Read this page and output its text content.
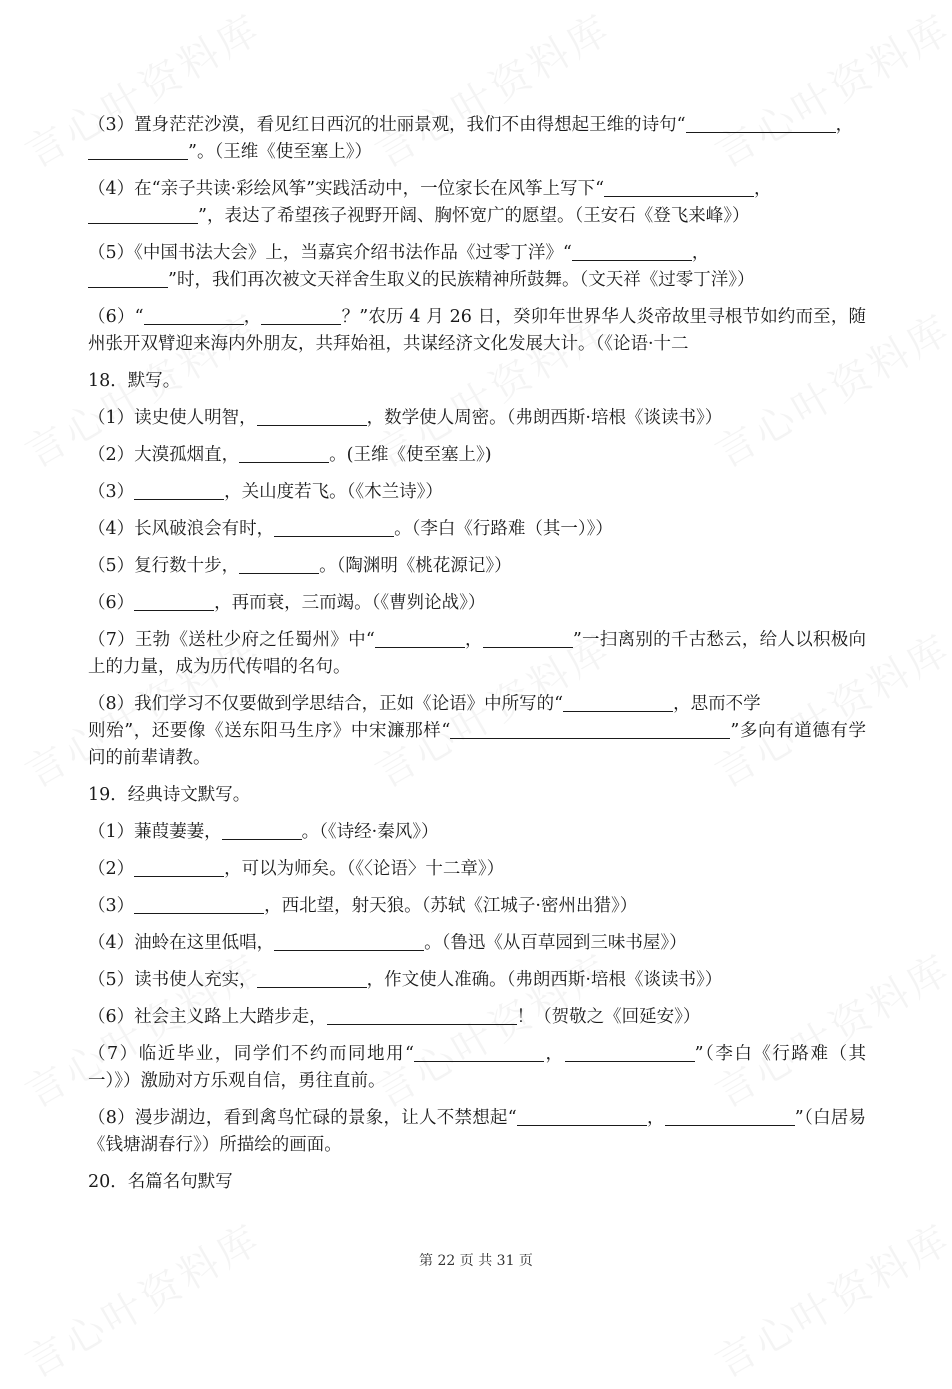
（3）置身茫茫沙漠，看见红日西沉的壮丽景观，我们不由得想起王维的诗句“	，
”。（王维《使至塞上》）

（4）在“亲子共读·彩绘风筝”实践活动中，一位家长在风筝上写下“	，
”，表达了希望孩子视野开阔、胸怀宽广的愿望。（王安石《登飞来峰》）

（5）《中国书法大会》上，当嘉宾介绍书法作品《过零丁洋》“	，
”时，我们再次被文天祥舍生取义的民族精神所鼓舞。（文天祥《过零丁洋》）

（6）“	，	？”农历 4 月 26 日，癸卯年世界华人炎帝故里寻根节如约而至，随州张开双臂迎来海内外朋友，共拜始祖，共谋经济文化发展大计。（《论语·十二

18．默写。

（1）读史使人明智，	，数学使人周密。（弗朗西斯·培根《谈读书》）

（2）大漠孤烟直，	。(王维《使至塞上》)

（3）	，关山度若飞。（《木兰诗》）

（4）长风破浪会有时，	。（李白《行路难（其一）》）

（5）复行数十步，	。（陶渊明《桃花源记》）

（6）	，再而衰，三而竭。（《曹刿论战》）

（7）王勃《送杜少府之任蜀州》中“	，	”一扫离别的千古愁云，给人以积极向上的力量，成为历代传唱的名句。

（8）我们学习不仅要做到学思结合，正如《论语》中所写的“	，思而不学
则殆”，还要像《送东阳马生序》中宋濂那样“	”多向有道德有学问的前辈请教。

19．经典诗文默写。

（1）蒹葭萋萋，	。（《诗经·秦风》）

（2）	，可以为师矣。（《〈论语〉十二章》）

（3）	，西北望，射天狼。（苏轼《江城子·密州出猎》）

（4）油蛉在这里低唱，	。（鲁迅《从百草园到三味书屋》）

（5）读书使人充实，	，作文使人准确。（弗朗西斯·培根《谈读书》）

（6）社会主义路上大踏步走，	！（贺敬之《回延安》）

（7）临近毕业，同学们不约而同地用“	，	”（李白《行路难（其一）》）激励对方乐观自信，勇往直前。

（8）漫步湖边，看到禽鸟忙碌的景象，让人不禁想起“	，	”（白居易《钱塘湖春行》）所描绘的画面。

20．名篇名句默写

第 22 页 共 31 页
